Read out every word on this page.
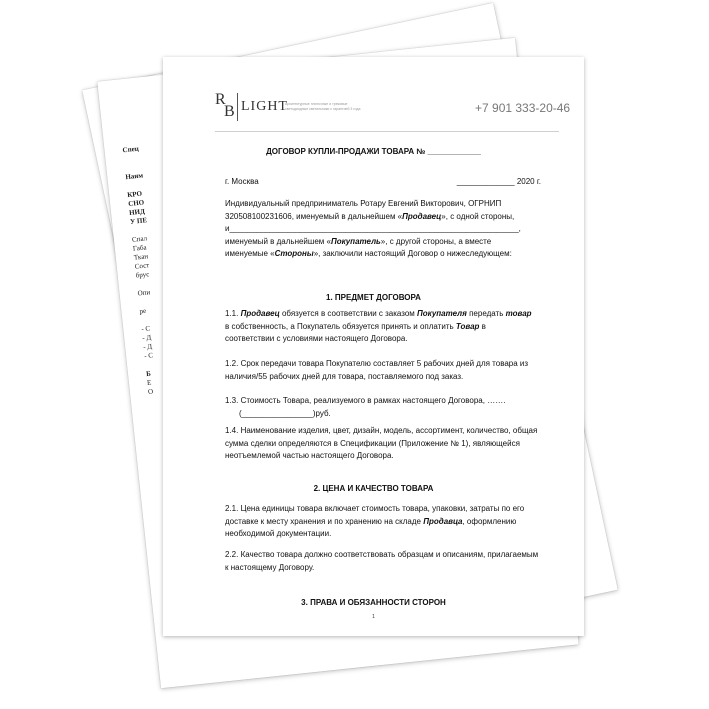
Спец
Наим
КРО
СНО
НИД
У ПЕ
Спал
Габа
Ткан
Сост
брус
Опи
ре
- С
- Д
- Д
- С
Б
Е
О
R
B LIGHT
Архитектурные плиточные и трековые светодиодные светильники с гарантией 3 года	+7 901 333-20-46
ДОГОВОР КУПЛИ-ПРОДАЖИ ТОВАРА № ____________
г. Москва	_____________ 2020 г.
Индивидуальный предприниматель Ротару Евгений Викторович, ОГРНИП
320508100231606, именуемый в дальнейшем «Продавец», с одной стороны,
и_________________________________________________________________,
именуемый в дальнейшем «Покупатель», с другой стороны, а вместе
именуемые «Стороны», заключили настоящий Договор о нижеследующем:
1. ПРЕДМЕТ ДОГОВОРА
1.1. Продавец обязуется в соответствии с заказом Покупателя передать товар
в собственность, а Покупатель обязуется принять и оплатить Товар в
соответствии с условиями настоящего Договора.
1.2. Срок передачи товара Покупателю составляет 5 рабочих дней для товара из
наличия/55 рабочих дней для товара, поставляемого под заказ.
1.3. Стоимость Товара, реализуемого в рамках настоящего Договора, …….
(________________)руб.
1.4. Наименование изделия, цвет, дизайн, модель, ассортимент, количество, общая
сумма сделки определяются в Спецификации (Приложение № 1), являющейся
неотъемлемой частью настоящего Договора.
2. ЦЕНА И КАЧЕСТВО ТОВАРА
2.1. Цена единицы товара включает стоимость товара, упаковки, затраты по его
доставке к месту хранения и по хранению на складе Продавца, оформлению
необходимой документации.
2.2. Качество товара должно соответствовать образцам и описаниям, прилагаемым
к настоящему Договору.
3. ПРАВА И ОБЯЗАННОСТИ СТОРОН
1
